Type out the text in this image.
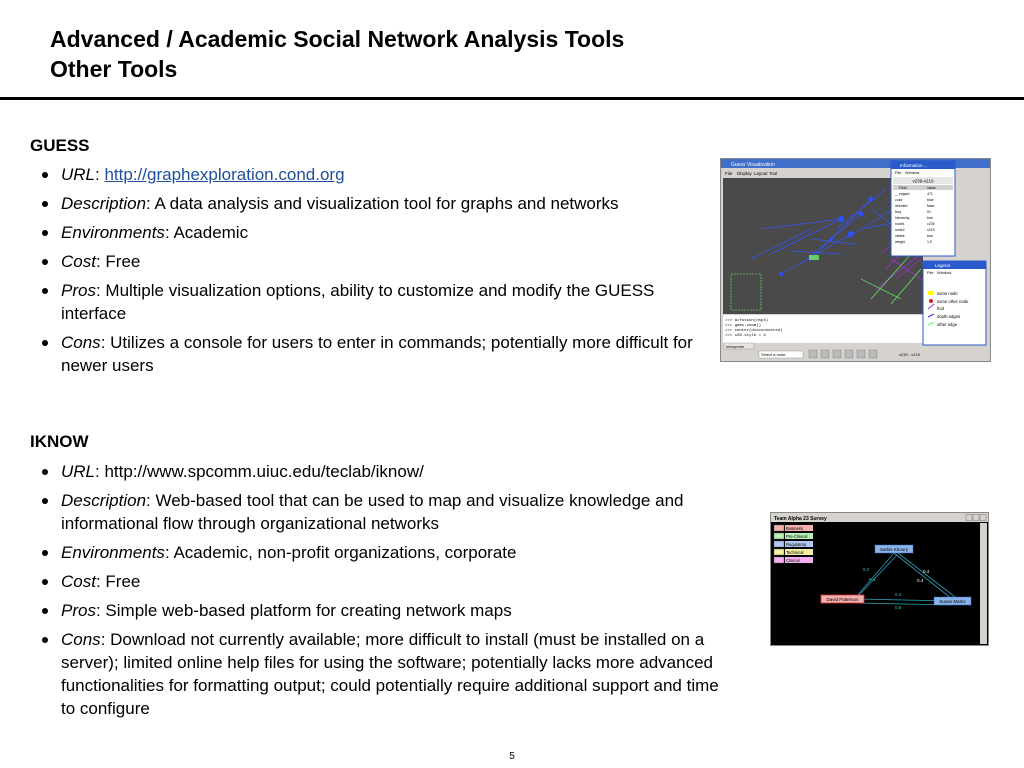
Advanced / Academic Social Network Analysis Tools
Other Tools
GUESS
URL: http://graphexploration.cond.org
Description: A data analysis and visualization tool for graphs and networks
Environments: Academic
Cost: Free
Pros: Multiple visualization options, ability to customize and modify the GUESS interface
Cons: Utilizes a console for users to enter in commands; potentially more difficult for newer users
Guess Visualization
File Display Layout Tool
>>> a=fusion(nsp4)
>>> gemi.zoom()
>>> center(disconnected)
>>> v29.style = 4
Interpreter
Select a node	v239 - v219
Information ...
File Window
v239-v219
Field	Value
__edgeid	471
color	blue
directed	false
freq	91
hierarchy	true
node1	v239
node2	v219
visible	true
weight	1.0
Legend
File Window
some node
some other node
fruit
depth edges
other edge
IKNOW
URL: http://www.spcomm.uiuc.edu/teclab/iknow/
Description: Web-based tool that can be used to map and visualize knowledge and informational flow through organizational networks
Environments: Academic, non-profit organizations, corporate
Cost: Free
Pros: Simple web-based platform for creating network maps
Cons: Download not currently available; more difficult to install (must be installed on a server); limited online help files for using the software; potentially lacks more advanced functionalities for formatting output; could potentially require additional support and time to configure
Team Alpha 23 Survey
Business
Pre-Clinical
Regulatory
Technical
Clinical
Sarkis Khoury
David Patterson	Susan Marks
0.2
0.4
0.4
0.4
0.4
0.6
5
